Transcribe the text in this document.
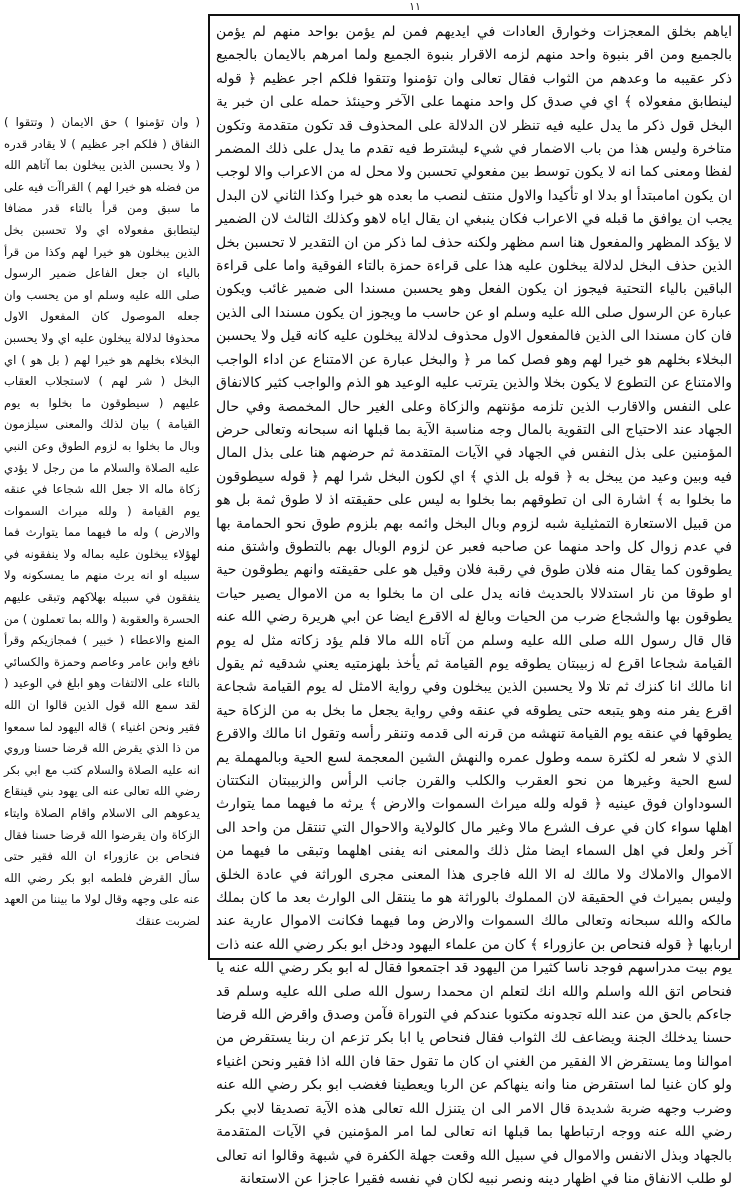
١١

اياهم بخلق المعجزات وخوارق العادات في ايديهم فمن لم يؤمن بواحد منهم لم يؤمن بالجميع ومن اقر بنبوة واحد منهم لزمه الاقرار بنبوة الجميع ولما امرهم بالايمان بالجميع ذكر عقيبه ما وعدهم من الثواب فقال تعالى وان تؤمنوا وتتقوا فلكم اجر عظيم ﴿ قوله لينطابق مفعولاه ﴾ اي في صدق كل واحد منهما على الآخر وحينئذ حمله على ان خبر ية البخل قول ذكر ما يدل عليه فيه تنظر لان الدلالة على المحذوف قد تكون متقدمة وتكون متاخرة وليس هذا من باب الاضمار في شيء ليشترط فيه تقدم ما يدل على ذلك المضمر لفظا ومعنى كما انه لا يكون توسط بين مفعولي تحسبن ولا محل له من الاعراب والا لوجب ان يكون امامبتدأ او بدلا او تأكيدا والاول منتف لنصب ما بعده هو خبرا وكذا الثاني لان البدل يجب ان يوافق ما قبله في الاعراب فكان ينبغي ان يقال اياه لاهو وكذلك الثالث لان الضمير لا يؤكد المظهر والمفعول هنا اسم مظهر ولكنه حذف لما ذكر من ان التقدير لا تحسبن بخل الذين حذف البخل لدلالة يبخلون عليه هذا على قراءة حمزة بالتاء الفوقية واما على قراءة الباقين بالياء التحتية فيجوز ان يكون الفعل وهو يحسبن مسندا الى ضمير غائب ويكون عبارة عن الرسول صلى الله عليه وسلم او عن حاسب ما ويجوز ان يكون مسندا الى الذين فان كان مسندا الى الذين فالمفعول الاول محذوف لدلالة يبخلون عليه كانه قيل ولا يحسبن البخلاء بخلهم هو خيرا لهم وهو فصل كما مر ﴿ والبخل عبارة عن الامتناع عن اداء الواجب والامتناع عن التطوع لا يكون بخلا والذين يترتب عليه الوعيد هو الذم والواجب كثير كالانفاق على النفس والاقارب الذين تلزمه مؤنتهم والزكاة وعلى الغير حال المخمصة وفي حال الجهاد عند الاحتياج الى التقوية بالمال وجه مناسبة الآية بما قبلها انه سبحانه وتعالى حرض المؤمنين على بذل النفس في الجهاد في الآيات المتقدمة ثم حرضهم هنا على بذل المال فيه وبين وعيد من يبخل به ﴿ قوله بل الذي ﴾ اي لكون البخل شرا لهم ﴿ قوله سيطوقون ما بخلوا به ﴾ اشارة الى ان تطوقهم بما بخلوا به ليس على حقيقته اذ لا طوق ثمة بل هو من قبيل الاستعارة التمثيلية شبه لزوم وبال البخل وائمه بهم بلزوم طوق نحو الحمامة بها في عدم زوال كل واحد منهما عن صاحبه فعبر عن لزوم الوبال بهم بالتطوق واشتق منه يطوقون كما يقال منه فلان طوق في رقبة فلان وقيل هو على حقيقته وانهم يطوقون حية او طوقا من نار استدلالا بالحديث فانه يدل على ان ما بخلوا به من الاموال يصير حيات يطوقون بها والشجاع ضرب من الحيات وبالغ له الاقرع ايضا عن ابي هريرة رضي الله عنه قال قال رسول الله صلى الله عليه وسلم من آتاه الله مالا فلم يؤد زكاته مثل له يوم القيامة شجاعا اقرع له زبيبتان يطوقه يوم القيامة ثم يأخذ بلهزمتيه يعني شدقيه ثم يقول انا مالك انا كنزك ثم تلا ولا يحسبن الذين يبخلون وفي رواية الامثل له يوم القيامة شجاعة اقرع يفر منه وهو يتبعه حتى يطوقه في عنقه وفي رواية يجعل ما بخل به من الزكاة حية يطوقها في عنقه يوم القيامة تنهشه من قرنه الى قدمه وتنقر رأسه وتقول انا مالك والاقرع الذي لا شعر له لكثرة سمه وطول عمره والنهش الشين المعجمة لسع الحية وبالمهملة يم لسع الحية وغيرها من نحو العقرب والكلب والقرن جانب الرأس والزبيبتان النكتتان السوداوان فوق عينيه ﴿ قوله ولله ميراث السموات والارض ﴾ يرثه ما فيهما مما يتوارث اهلها سواء كان في عرف الشرع مالا وغير مال كالولاية والاحوال التي تنتقل من واحد الى آخر ولعل في اهل السماء ايضا مثل ذلك والمعنى انه يفنى اهلهما وتبقى ما فيهما من الاموال والاملاك ولا مالك له الا الله فاجرى هذا المعنى مجرى الوراثة في عادة الخلق وليس بميراث في الحقيقة لان المملوك بالوراثة هو ما ينتقل الى الوارث بعد ما كان بملك مالكه والله سبحانه وتعالى مالك السموات والارض وما فيهما فكانت الاموال عارية عند اربابها ﴿ قوله فنحاص بن عازوراء ﴾ كان من علماء اليهود ودخل ابو بكر رضي الله عنه ذات يوم بيت مدراسهم فوجد ناسا كثيرا من اليهود قد اجتمعوا فقال له ابو بكر رضي الله عنه يا فنحاص اتق الله واسلم والله انك لتعلم ان محمدا رسول الله صلى الله عليه وسلم قد جاءكم بالحق من عند الله تجدونه مكتوبا عندكم في التوراة فآمن وصدق واقرض الله قرضا حسنا يدخلك الجنة ويضاعف لك الثواب فقال فنحاص يا ابا بكر تزعم ان ربنا يستقرض من اموالنا وما يستقرض الا الفقير من الغني ان كان ما تقول حقا فان الله اذا فقير ونحن اغنياء ولو كان غنيا لما استقرض منا وانه ينهاكم عن الربا ويعطينا فغضب ابو بكر رضي الله عنه وضرب وجهه ضربة شديدة قال الامر الى ان يتنزل الله تعالى هذه الآية تصديقا لابي بكر رضي الله عنه ووجه ارتباطها بما قبلها انه تعالى لما امر المؤمنين في الآيات المتقدمة بالجهاد وبذل الانفس والاموال في سبيل الله وقعت جهلة الكفرة في شبهة وقالوا انه تعالى لو طلب الانفاق منا في اظهار دينه ونصر نبيه لكان في نفسه فقيرا عاجزا عن الاستعانة

( وان تؤمنوا ) حق الايمان ( وتتقوا ) النفاق ( فلكم اجر عظيم ) لا يقادر قدره ( ولا يحسبن الذين يبخلون بما آتاهم الله من فضله هو خيرا لهم ) القراآت فيه على ما سبق ومن قرأ بالتاء قدر مضافا ليتطابق مفعولاه اي ولا تحسبن بخل الذين يبخلون هو خيرا لهم وكذا من قرأ بالياء ان جعل الفاعل ضمير الرسول صلى الله عليه وسلم او من يحسب وان جعله الموصول كان المفعول الاول محذوفا لدلالة يبخلون عليه اي ولا يحسبن البخلاء بخلهم هو خيرا لهم ( بل هو ) اي البخل ( شر لهم ) لاستجلاب العقاب عليهم ( سيطوقون ما بخلوا به يوم القيامة ) بيان لذلك والمعنى سيلزمون وبال ما بخلوا به لزوم الطوق وعن النبي عليه الصلاة والسلام ما من رجل لا يؤدي زكاة ماله الا جعل الله شجاعا في عنقه يوم القيامة ( ولله ميراث السموات والارض ) وله ما فيهما مما يتوارث فما لهؤلاء يبخلون عليه بماله ولا ينفقونه في سبيله او انه يرث منهم ما يمسكونه ولا ينفقون في سبيله بهلاكهم وتبقى عليهم الحسرة والعقوبة ( والله بما تعملون ) من المنع والاعطاء ( خبير ) فمجازيكم وقرأ نافع وابن عامر وعاصم وحمزة والكسائي بالتاء على الالتفات وهو ابلغ في الوعيد ( لقد سمع الله قول الذين قالوا ان الله فقير ونحن اغنياء ) قاله اليهود لما سمعوا من ذا الذي يقرض الله قرضا حسنا وروي انه عليه الصلاة والسلام كتب مع ابي بكر رضي الله تعالى عنه الى يهود بني قينقاع يدعوهم الى الاسلام واقام الصلاة وايتاء الزكاة وان يقرضوا الله قرضا حسنا فقال فنحاص بن عازوراء ان الله فقير حتى سأل القرض فلطمه ابو بكر رضي الله عنه على وجهه وقال لولا ما بيننا من العهد لضربت عنقك
